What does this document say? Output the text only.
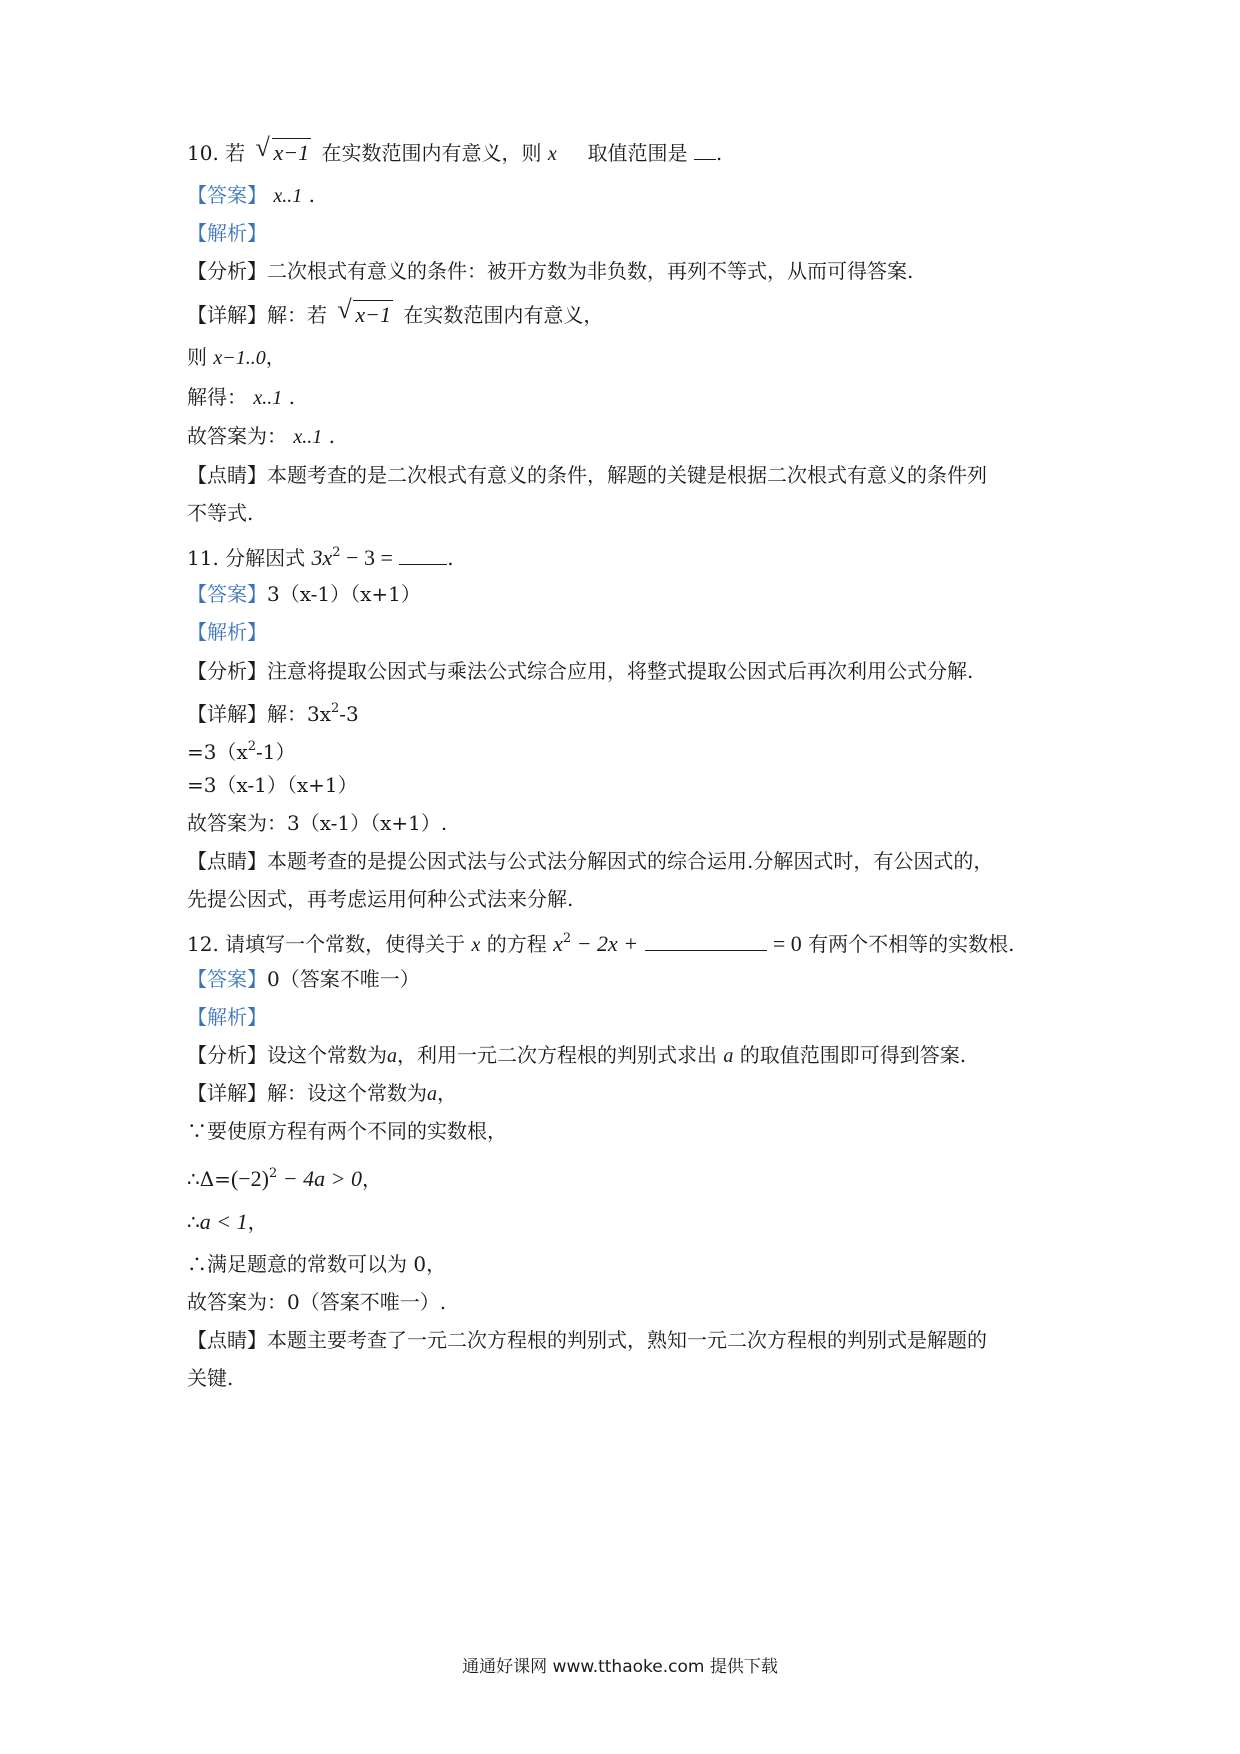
10. 若 √ x−1 在实数范围内有意义，则 x 取值范围是 .
【答案】 x..1 .
【解析】
【分析】二次根式有意义的条件：被开方数为非负数，再列不等式，从而可得答案.
【详解】解：若 √ x−1 在实数范围内有意义，
则 x−1..0，
解得： x..1 .
故答案为： x..1 .
【点睛】本题考查的是二次根式有意义的条件，解题的关键是根据二次根式有意义的条件列
不等式.
11. 分解因式 $3x^2 - 3$ =	.
【答案】3（x-1）（x+1）
【解析】
【分析】注意将提取公因式与乘法公式综合应用，将整式提取公因式后再次利用公式分解.
【详解】解：$3x^2-3$
$=3(x^2-1)$
=3（x-1）（x+1）
故答案为：3（x-1）（x+1）.
【点睛】本题考查的是提公因式法与公式法分解因式的综合运用.分解因式时，有公因式的，
先提公因式，再考虑运用何种公式法来分解.
12. 请填写一个常数，使得关于 x 的方程 $x^2 - 2x$ +	= 0 有两个不相等的实数根.
【答案】0（答案不唯一）
【解析】
【分析】设这个常数为a，利用一元二次方程根的判别式求出 a 的取值范围即可得到答案.
【详解】解：设这个常数为a，
∵要使原方程有两个不同的实数根，
$\therefore\Delta=(-2)^2 - 4a > 0$，
∴a < 1，
∴满足题意的常数可以为 0，
故答案为：0（答案不唯一）.
【点睛】本题主要考查了一元二次方程根的判别式，熟知一元二次方程根的判别式是解题的
关键.
通通好课网 www.tthaoke.com 提供下载
